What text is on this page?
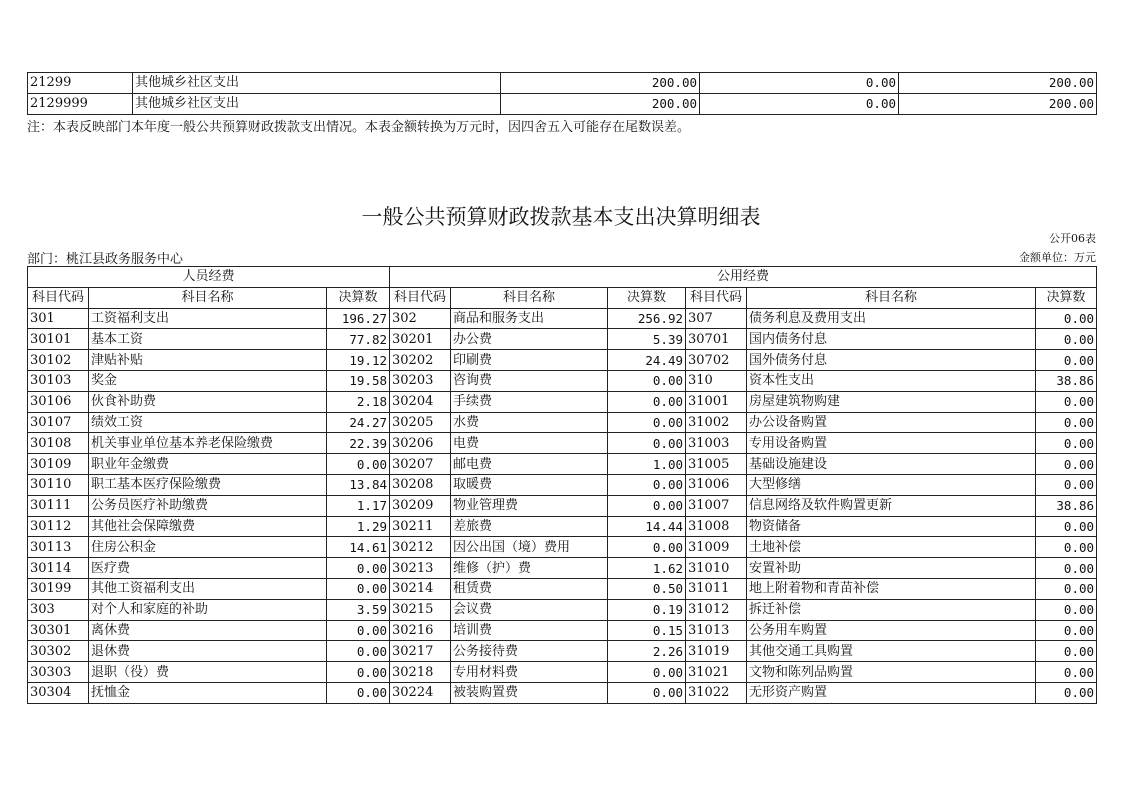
21299	其他城乡社区支出	200.00	0.00	200.00
2129999	其他城乡社区支出	200.00	0.00	200.00
注：本表反映部门本年度一般公共预算财政拨款支出情况。本表金额转换为万元时，因四舍五入可能存在尾数误差。
一般公共预算财政拨款基本支出决算明细表
公开06表
部门：桃江县政务服务中心	金额单位：万元
人员经费			公用经费					
科目代码	科目名称	决算数	科目代码	科目名称	决算数	科目代码	科目名称	决算数
301	工资福利支出	196.27	302	商品和服务支出	256.92	307	债务利息及费用支出	0.00
30101	基本工资	77.82	30201	办公费	5.39	30701	国内债务付息	0.00
30102	津贴补贴	19.12	30202	印刷费	24.49	30702	国外债务付息	0.00
30103	奖金	19.58	30203	咨询费	0.00	310	资本性支出	38.86
30106	伙食补助费	2.18	30204	手续费	0.00	31001	房屋建筑物购建	0.00
30107	绩效工资	24.27	30205	水费	0.00	31002	办公设备购置	0.00
30108	机关事业单位基本养老保险缴费	22.39	30206	电费	0.00	31003	专用设备购置	0.00
30109	职业年金缴费	0.00	30207	邮电费	1.00	31005	基础设施建设	0.00
30110	职工基本医疗保险缴费	13.84	30208	取暖费	0.00	31006	大型修缮	0.00
30111	公务员医疗补助缴费	1.17	30209	物业管理费	0.00	31007	信息网络及软件购置更新	38.86
30112	其他社会保障缴费	1.29	30211	差旅费	14.44	31008	物资储备	0.00
30113	住房公积金	14.61	30212	因公出国（境）费用	0.00	31009	土地补偿	0.00
30114	医疗费	0.00	30213	维修（护）费	1.62	31010	安置补助	0.00
30199	其他工资福利支出	0.00	30214	租赁费	0.50	31011	地上附着物和青苗补偿	0.00
303	对个人和家庭的补助	3.59	30215	会议费	0.19	31012	拆迁补偿	0.00
30301	离休费	0.00	30216	培训费	0.15	31013	公务用车购置	0.00
30302	退休费	0.00	30217	公务接待费	2.26	31019	其他交通工具购置	0.00
30303	退职（役）费	0.00	30218	专用材料费	0.00	31021	文物和陈列品购置	0.00
30304	抚恤金	0.00	30224	被装购置费	0.00	31022	无形资产购置	0.00
